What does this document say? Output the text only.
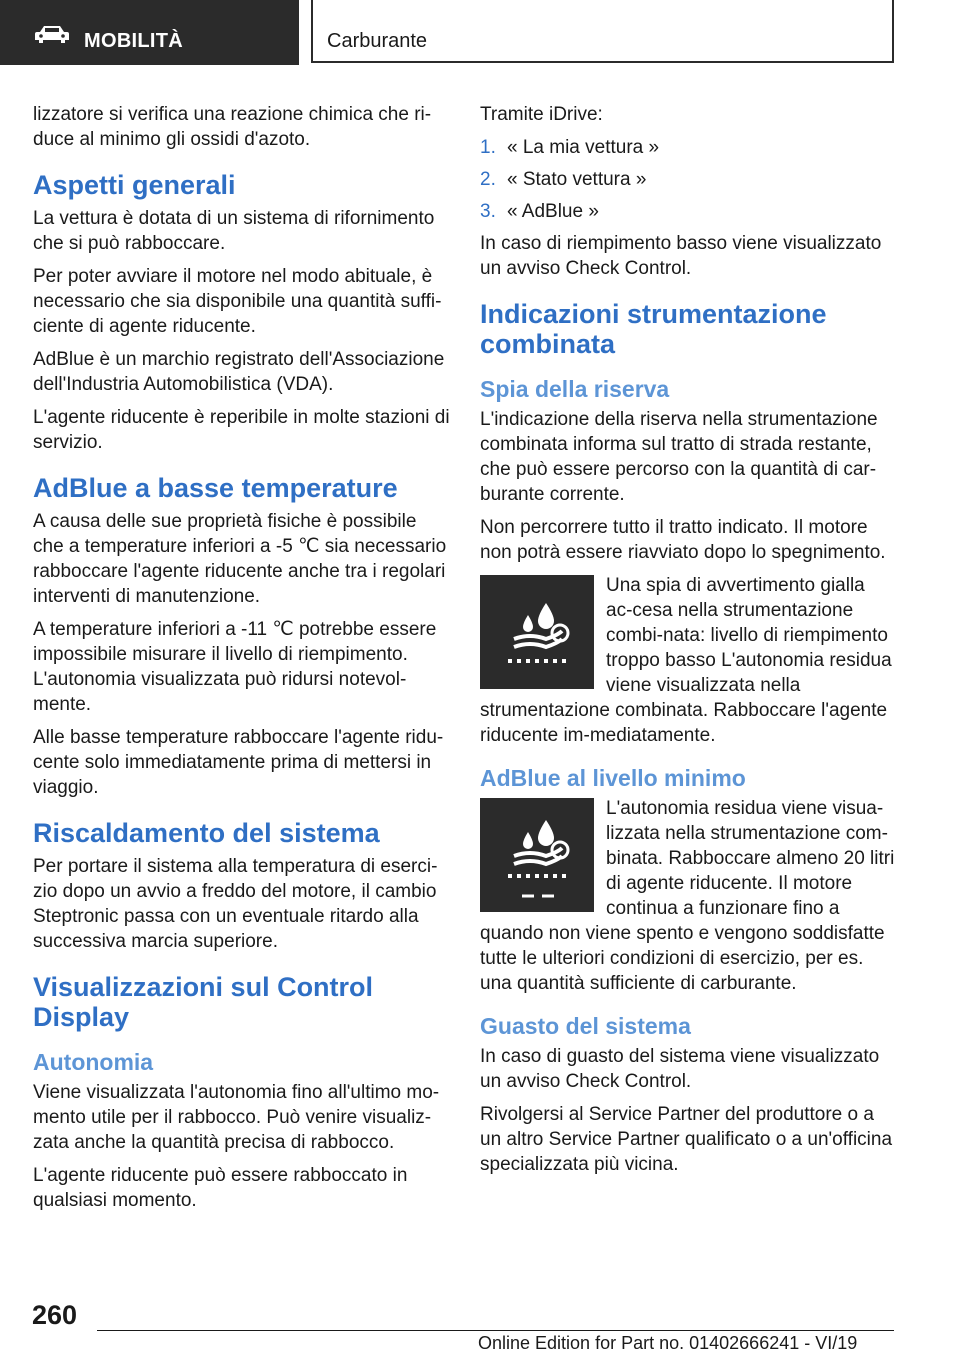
MOBILITÀ	Carburante

lizzatore si verifica una reazione chimica che ri-duce al minimo gli ossidi d'azoto.

Aspetti generali

La vettura è dotata di un sistema di rifornimento che si può rabboccare.

Per poter avviare il motore nel modo abituale, è necessario che sia disponibile una quantità suffi-ciente di agente riducente.

AdBlue è un marchio registrato dell'Associazione dell'Industria Automobilistica (VDA).

L'agente riducente è reperibile in molte stazioni di servizio.

AdBlue a basse temperature

A causa delle sue proprietà fisiche è possibile che a temperature inferiori a -5 ℃ sia necessario rabboccare l'agente riducente anche tra i regolari interventi di manutenzione.

A temperature inferiori a -11 ℃ potrebbe essere impossibile misurare il livello di riempimento. L'autonomia visualizzata può ridursi notevol-mente.

Alle basse temperature rabboccare l'agente ridu-cente solo immediatamente prima di mettersi in viaggio.

Riscaldamento del sistema

Per portare il sistema alla temperatura di eserci-zio dopo un avvio a freddo del motore, il cambio Steptronic passa con un eventuale ritardo alla successiva marcia superiore.

Visualizzazioni sul Control Display
Autonomia

Viene visualizzata l'autonomia fino all'ultimo mo-mento utile per il rabbocco. Può venire visualiz-zata anche la quantità precisa di rabbocco.

L'agente riducente può essere rabboccato in qualsiasi momento.

Tramite iDrive:

1. « La mia vettura »
2. « Stato vettura »
3. « AdBlue »

In caso di riempimento basso viene visualizzato un avviso Check Control.

Indicazioni strumentazione combinata
Spia della riserva

L'indicazione della riserva nella strumentazione combinata informa sul tratto di strada restante, che può essere percorso con la quantità di car-burante corrente.

Non percorrere tutto il tratto indicato. Il motore non potrà essere riavviato dopo lo spegnimento.

Una spia di avvertimento gialla ac-cesa nella strumentazione combi-nata: livello di riempimento troppo basso L'autonomia residua viene visualizzata nella strumentazione combinata. Rabboccare l'agente riducente im-mediatamente.

AdBlue al livello minimo

L'autonomia residua viene visua-lizzata nella strumentazione com-binata. Rabboccare almeno 20 litri di agente riducente. Il motore continua a funzionare fino a quando non viene spento e vengono soddisfatte tutte le ulteriori condizioni di esercizio, per es. una quantità sufficiente di carburante.

Guasto del sistema

In caso di guasto del sistema viene visualizzato un avviso Check Control.

Rivolgersi al Service Partner del produttore o a un altro Service Partner qualificato o a un'officina specializzata più vicina.

260
Online Edition for Part no. 01402666241 - VI/19
